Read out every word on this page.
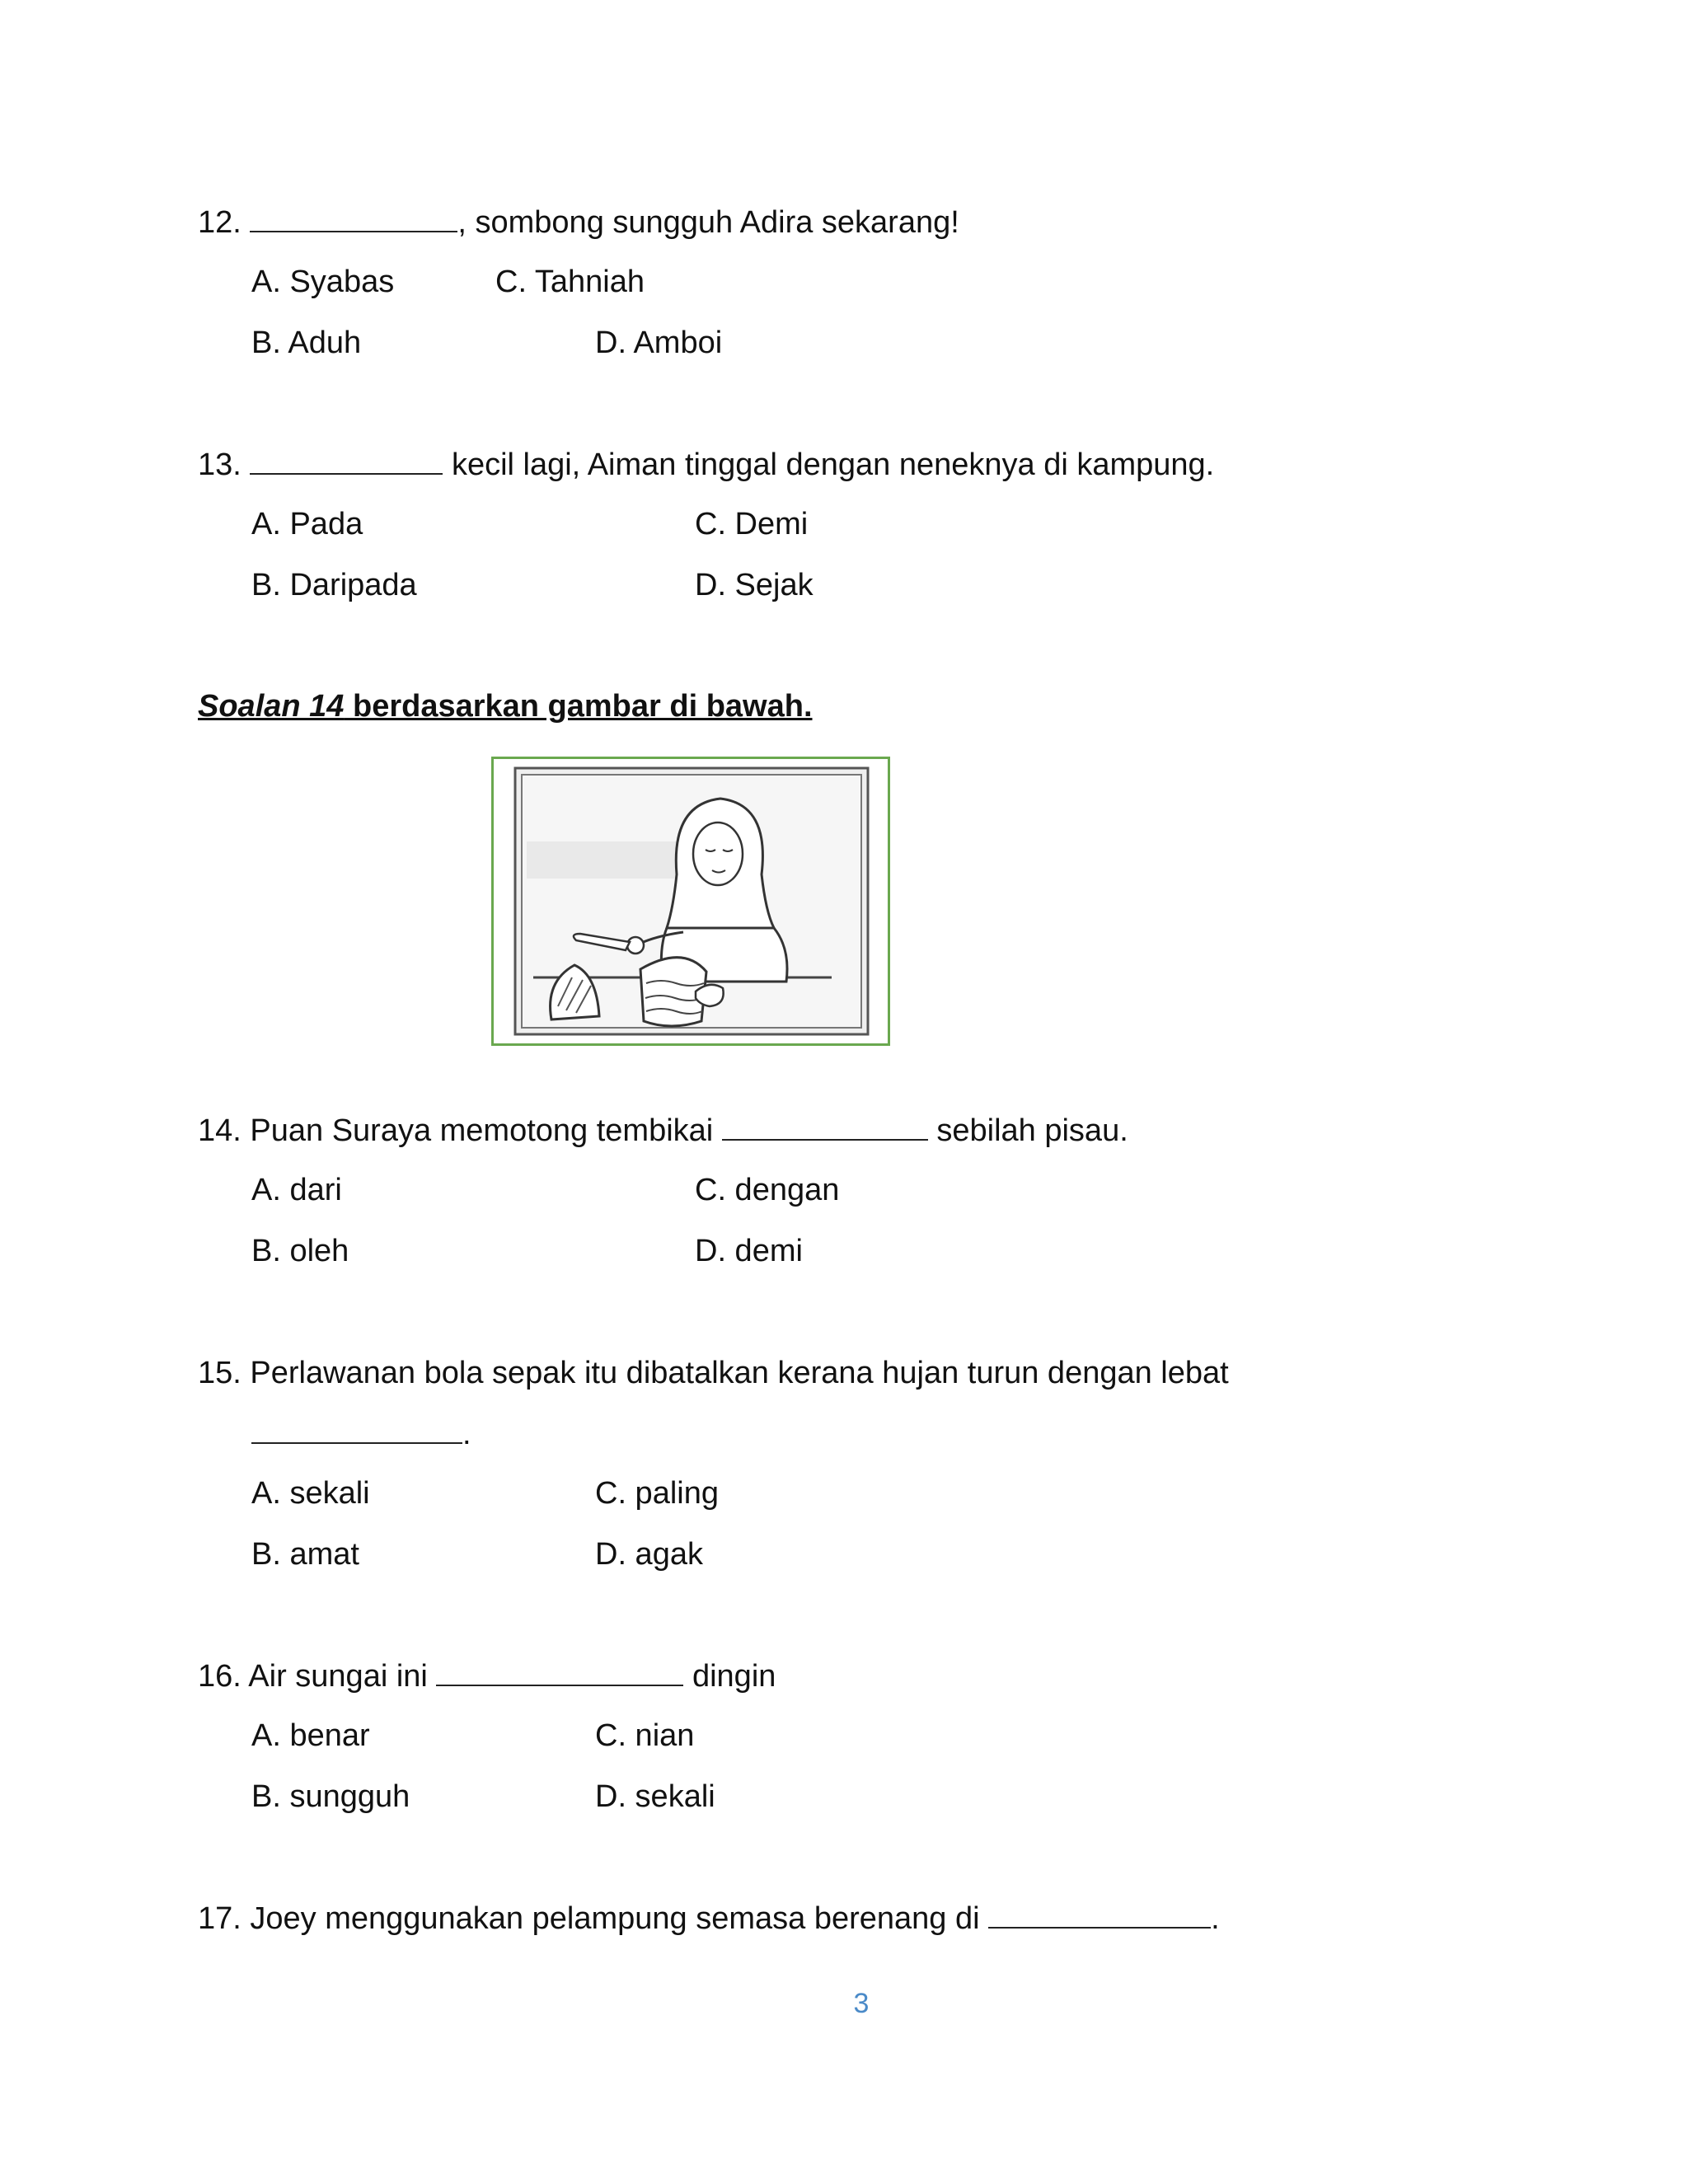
12.	, sombong sungguh Adira sekarang!
A. Syabas	C. Tahniah
B. Aduh	D. Amboi
13.	kecil lagi, Aiman tinggal dengan neneknya di kampung.
A. Pada	C. Demi
B. Daripada	D. Sejak
Soalan 14 berdasarkan gambar di bawah.
14. Puan Suraya memotong tembikai	sebilah pisau.
A. dari	C. dengan
B. oleh	D. demi
15. Perlawanan bola sepak itu dibatalkan kerana hujan turun dengan lebat
.
A. sekali	C. paling
B. amat	D. agak
16. Air sungai ini	dingin
A. benar	C. nian
B. sungguh	D. sekali
17. Joey menggunakan pelampung semasa berenang di	.
3
